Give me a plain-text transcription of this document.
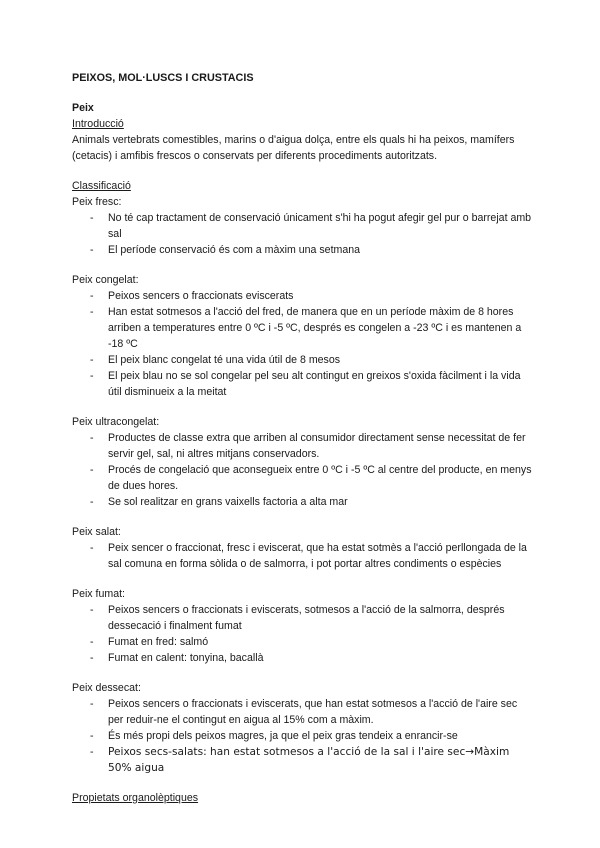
PEIXOS, MOL·LUSCS I CRUSTACIS
Peix
Introducció

Animals vertebrats comestibles, marins o d'aigua dolça, entre els quals hi ha peixos, mamífers (cetacis) i amfibis frescos o conservats per diferents procediments autoritzats.

Classificació
Peix fresc:
- No té cap tractament de conservació únicament s'hi ha pogut afegir gel pur o barrejat amb sal
- El període conservació és com a màxim una setmana
Peix congelat:
- Peixos sencers o fraccionats eviscerats
- Han estat sotmesos a l'acció del fred, de manera que en un període màxim de 8 hores arriben a temperatures entre 0 ºC i -5 ºC, després es congelen a -23 ºC i es mantenen a -18 ºC
- El peix blanc congelat té una vida útil de 8 mesos
- El peix blau no se sol congelar pel seu alt contingut en greixos s'oxida fàcilment i la vida útil disminueix a la meitat
Peix ultracongelat:
- Productes de classe extra que arriben al consumidor directament sense necessitat de fer servir gel, sal, ni altres mitjans conservadors.
- Procés de congelació que aconsegueix entre 0 ºC i -5 ºC al centre del producte, en menys de dues hores.
- Se sol realitzar en grans vaixells factoria a alta mar
Peix salat:
- Peix sencer o fraccionat, fresc i eviscerat, que ha estat sotmès a l'acció perllongada de la sal comuna en forma sòlida o de salmorra, i pot portar altres condiments o espècies
Peix fumat:
- Peixos sencers o fraccionats i eviscerats, sotmesos a l'acció de la salmorra, després dessecació i finalment fumat
- Fumat en fred: salmó
- Fumat en calent: tonyina, bacallà
Peix dessecat:
- Peixos sencers o fraccionats i eviscerats, que han estat sotmesos a l'acció de l'aire sec per reduir-ne el contingut en aigua al 15% com a màxim.
- És més propi dels peixos magres, ja que el peix gras tendeix a enrancir-se
- Peixos secs-salats: han estat sotmesos a l'acció de la sal i l'aire sec→Màxim 50% aigua
Propietats organolèptiques
